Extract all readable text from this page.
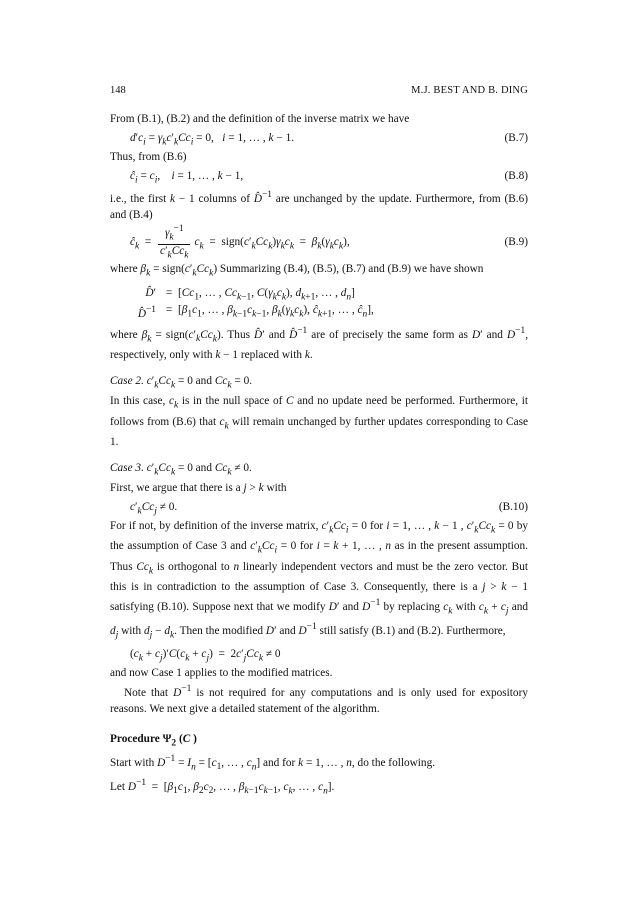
148	M.J. BEST AND B. DING

From (B.1), (B.2) and the definition of the inverse matrix we have

$d'c_i = \gamma_kc'_kCc_i = 0$,   i = 1, … , k − 1.	(B.7)

Thus, from (B.6)

$ĉ_i = c_i$,    i = 1, … , k − 1,	(B.8)

i.e., the first k − 1 columns of D̂$^{-1}$ are unchanged by the update. Furthermore, from (B.6) and (B.4)

$ĉ_k = \frac{\gamma_k^{-1}}{c'_kCc_k} c_k$  =  $sign(c'_kCc_k)\gamma_kc_k = \beta_k(\gamma_kc_k)$,	(B.9)

where $\beta_k$ = $sign(c'_kCc_k)$ Summarizing (B.4), (B.5), (B.7) and (B.9) we have shown

D̂′ = [$Cc_1$, … , $Cc_{k-1}$, $C(\gamma_kc_k)$, $d_{k+1}$, … , $d_n$]
D̂$^{-1}$ = [$\beta_1c_1$, … , $\beta_{k-1}c_{k-1}$, $\beta_k(\gamma_kc_k)$, $ĉ_{k+1}$, … , $ĉ_n$],

where $\beta_k$ = $sign(c'_kCc_k)$. Thus D̂′ and D̂$^{-1}$ are of precisely the same form as D′ and $D^{-1}$, respectively, only with k − 1 replaced with k.

Case 2. $c'_kCc_k = 0$ and $Cc_k = 0$.

In this case, $c_k$ is in the null space of C and no update need be performed. Furthermore, it follows from (B.6) that $c_k$ will remain unchanged by further updates corresponding to Case 1.

Case 3. $c'_kCc_k = 0$ and $Cc_k \ne 0$.

First, we argue that there is a j > k with

$c'_kCc_j \ne 0$.	(B.10)

For if not, by definition of the inverse matrix, $c'_kCc_i = 0$ for i = 1, … , k − 1 , $c'_kCc_k = 0$ by the assumption of Case 3 and $c'_kCc_i = 0$ for i = k + 1, … , n as in the present assumption. Thus $Cc_k$ is orthogonal to n linearly independent vectors and must be the zero vector. But this is in contradiction to the assumption of Case 3. Consequently, there is a j > k − 1 satisfying (B.10). Suppose next that we modify D′ and $D^{-1}$ by replacing $c_k$ with $c_k + c_j$ and $d_j$ with $d_j - d_k$. Then the modified D′ and $D^{-1}$ still satisfy (B.1) and (B.2). Furthermore,

$(c_k + c_j)'C(c_k + c_j) = 2c'_jCc_k \ne 0$

and now Case 1 applies to the modified matrices.

Note that $D^{-1}$ is not required for any computations and is only used for expository reasons. We next give a detailed statement of the algorithm.

Procedure $\Psi_2$ (C )

Start with $D^{-1} = I_n = [c_1$, … , $c_n$] and for k = 1, … , n, do the following.

Let $D^{-1} = [\beta_1c_1$, $\beta_2c_2$, … , $\beta_{k-1}c_{k-1}$, $c_k$, … , $c_n$].
